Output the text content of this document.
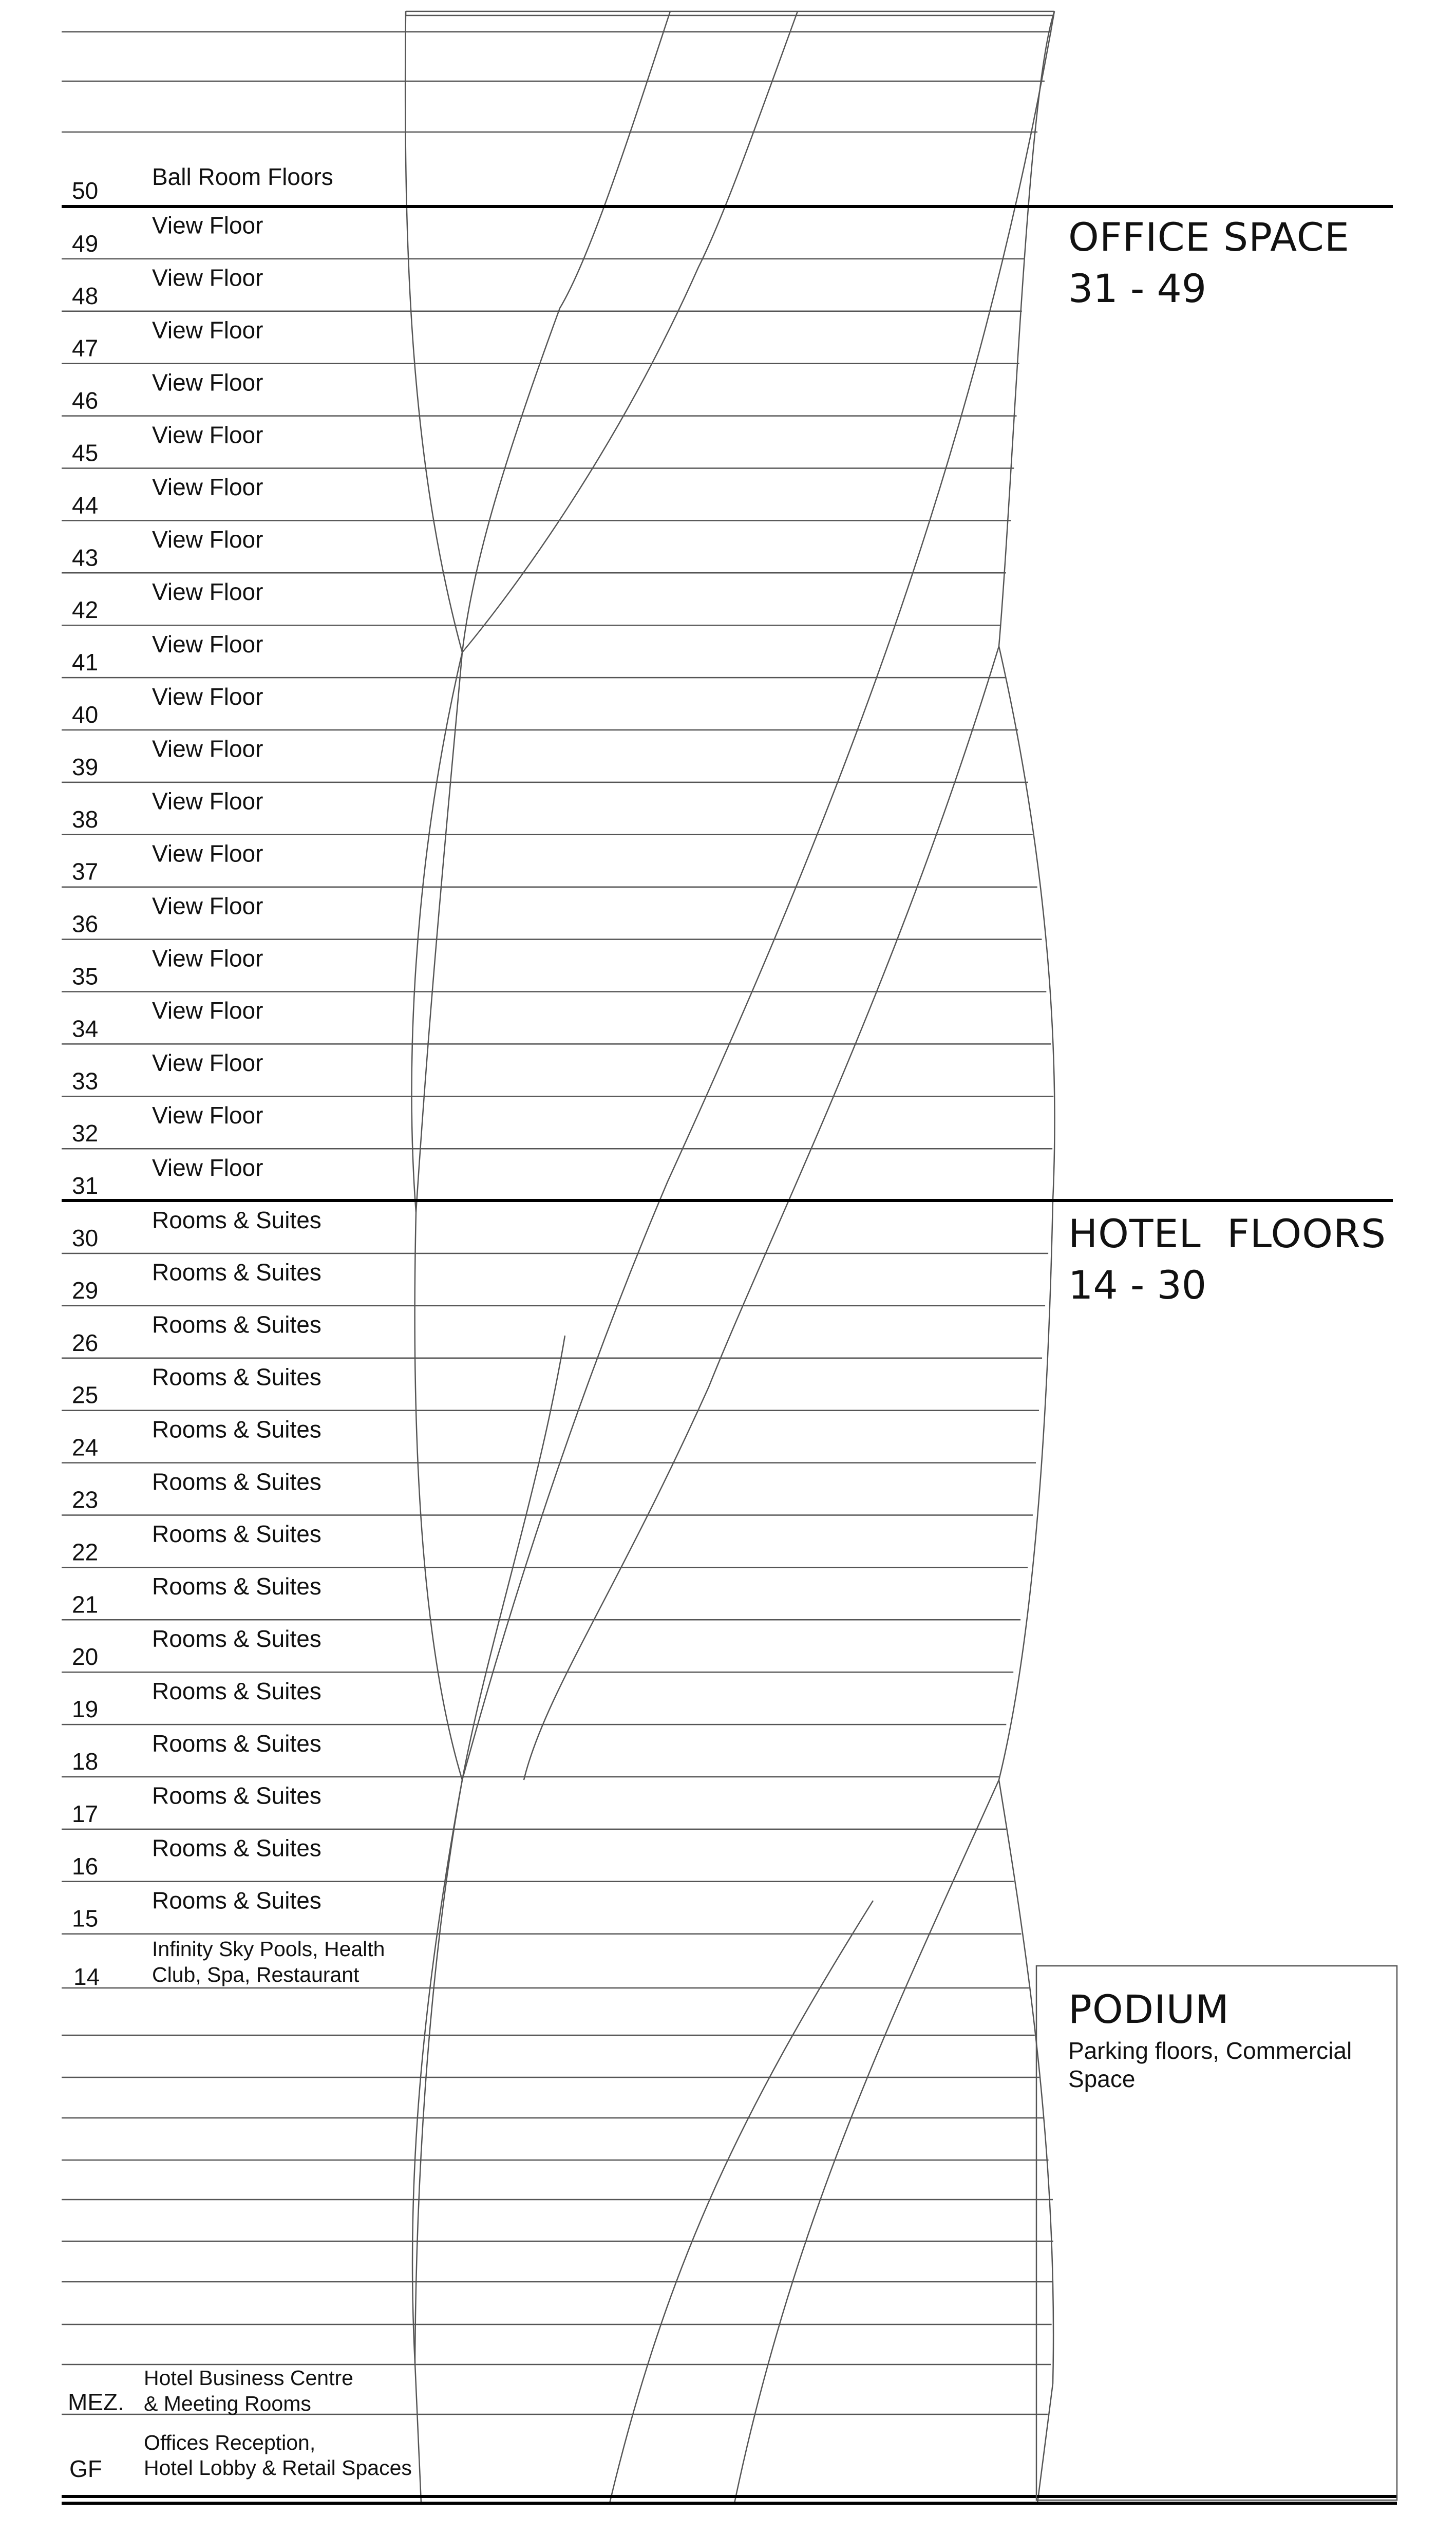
50
Ball Room Floors
49
View Floor
48
View Floor
47
View Floor
46
View Floor
45
View Floor
44
View Floor
43
View Floor
42
View Floor
41
View Floor
40
View Floor
39
View Floor
38
View Floor
37
View Floor
36
View Floor
35
View Floor
34
View Floor
33
View Floor
32
View Floor
31
View Floor
30
Rooms & Suites
29
Rooms & Suites
26
Rooms & Suites
25
Rooms & Suites
24
Rooms & Suites
23
Rooms & Suites
22
Rooms & Suites
21
Rooms & Suites
20
Rooms & Suites
19
Rooms & Suites
18
Rooms & Suites
17
Rooms & Suites
16
Rooms & Suites
15
Rooms & Suites
OFFICE SPACE
31 - 49
HOTEL  FLOORS
14 - 30
PODIUM
Parking floors, Commercial
Space
14
Infinity Sky Pools, Health
Club, Spa, Restaurant
MEZ.
Hotel Business Centre
& Meeting Rooms
GF
Offices Reception,
Hotel Lobby & Retail Spaces
